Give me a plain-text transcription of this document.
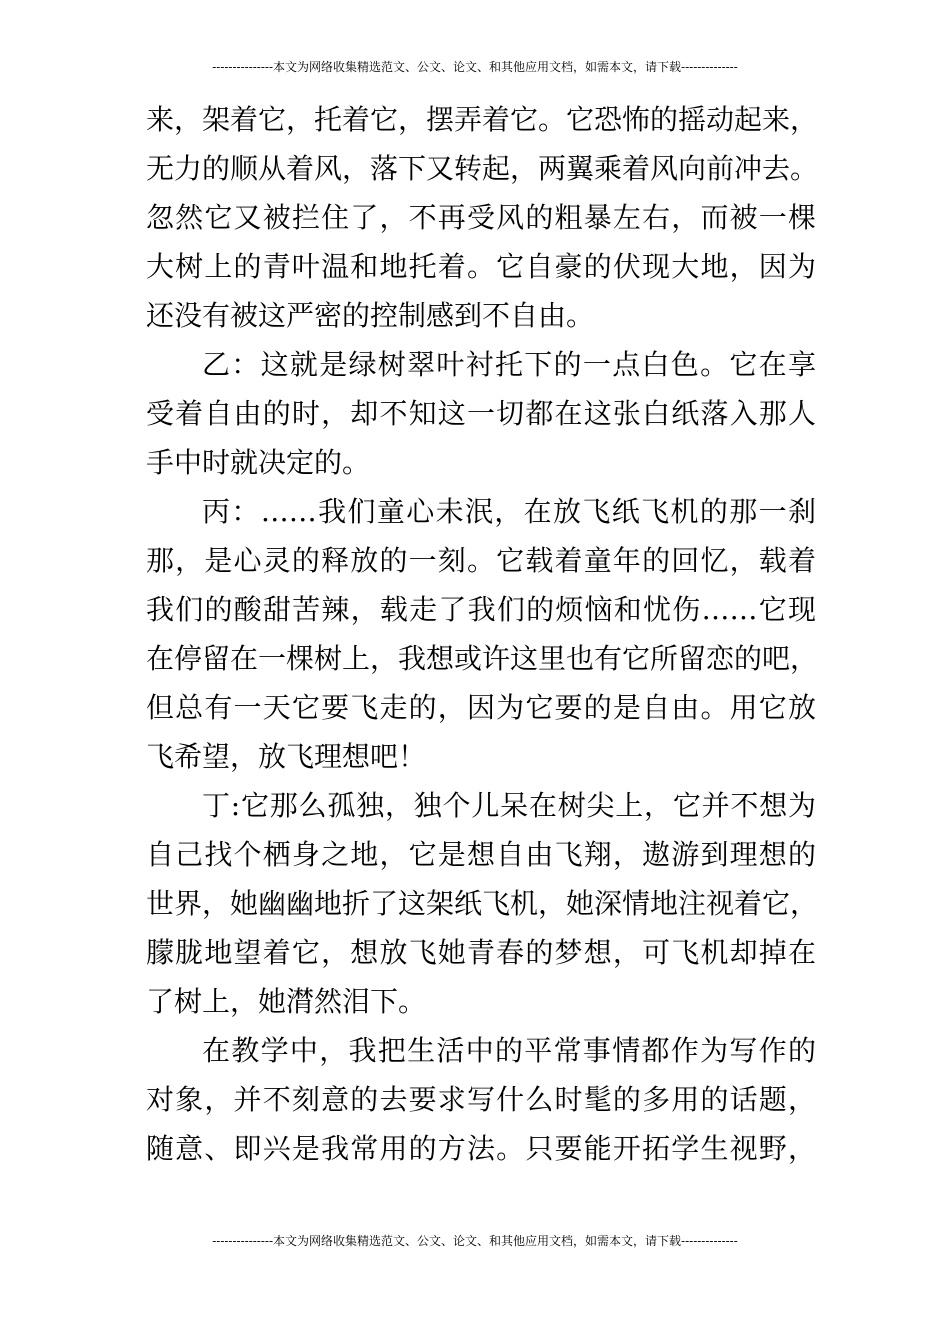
---------------本文为网络收集精选范文、公文、论文、和其他应用文档，如需本文，请下载--------------
来，架着它，托着它，摆弄着它。它恐怖的摇动起来，
无力的顺从着风，落下又转起，两翼乘着风向前冲去。
忽然它又被拦住了，不再受风的粗暴左右，而被一棵
大树上的青叶温和地托着。它自豪的伏现大地，因为
还没有被这严密的控制感到不自由。
乙：这就是绿树翠叶衬托下的一点白色。它在享
受着自由的时，却不知这一切都在这张白纸落入那人
手中时就决定的。
丙：……我们童心未泯，在放飞纸飞机的那一刹
那，是心灵的释放的一刻。它载着童年的回忆，载着
我们的酸甜苦辣，载走了我们的烦恼和忧伤……它现
在停留在一棵树上，我想或许这里也有它所留恋的吧，
但总有一天它要飞走的，因为它要的是自由。用它放
飞希望，放飞理想吧！
丁:它那么孤独，独个儿呆在树尖上，它并不想为
自己找个栖身之地，它是想自由飞翔，遨游到理想的
世界，她幽幽地折了这架纸飞机，她深情地注视着它，
朦胧地望着它，想放飞她青春的梦想，可飞机却掉在
了树上，她潸然泪下。
在教学中，我把生活中的平常事情都作为写作的
对象，并不刻意的去要求写什么时髦的多用的话题，
随意、即兴是我常用的方法。只要能开拓学生视野，
---------------本文为网络收集精选范文、公文、论文、和其他应用文档，如需本文，请下载--------------
